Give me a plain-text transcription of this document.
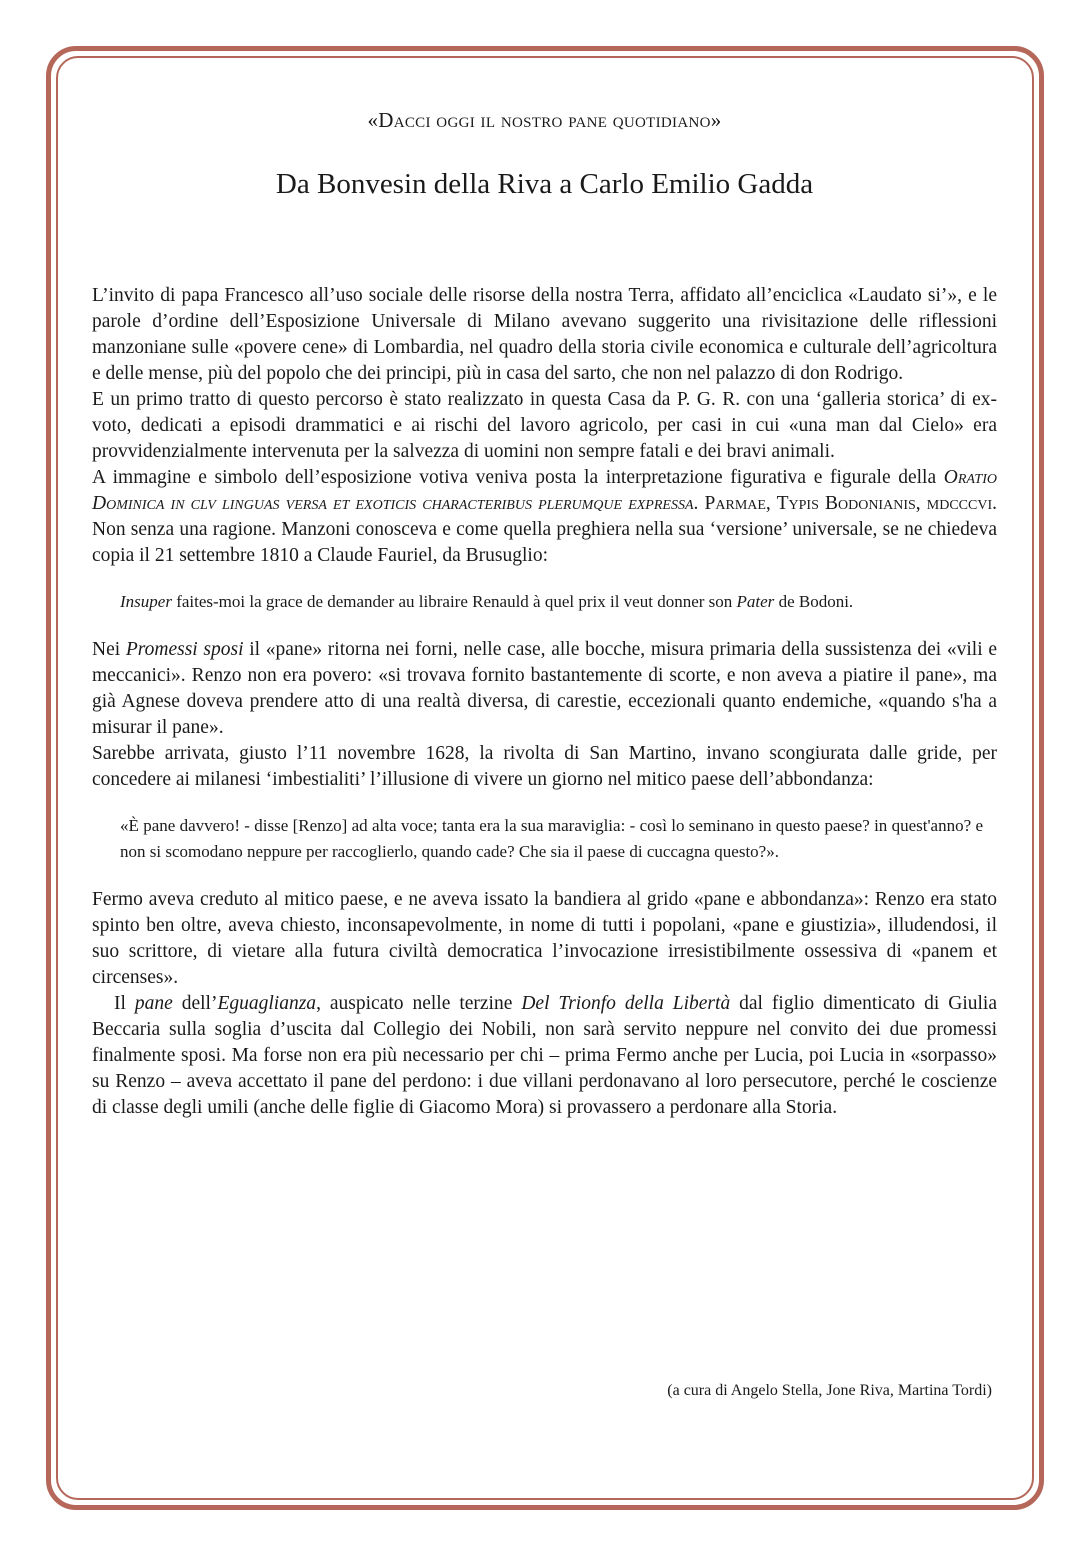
«Dacci oggi il nostro pane quotidiano»

Da Bonvesin della Riva a Carlo Emilio Gadda

L’invito di papa Francesco all’uso sociale delle risorse della nostra Terra, affidato all’enciclica «Laudato si’», e le parole d’ordine dell’Esposizione Universale di Milano avevano suggerito una rivisitazione delle riflessioni manzoniane sulle «povere cene» di Lombardia, nel quadro della storia civile economica e culturale dell’agricoltura e delle mense, più del popolo che dei principi, più in casa del sarto, che non nel palazzo di don Rodrigo.

E un primo tratto di questo percorso è stato realizzato in questa Casa da P. G. R. con una ‘galleria storica’ di ex-voto, dedicati a episodi drammatici e ai rischi del lavoro agricolo, per casi in cui «una man dal Cielo» era provvidenzialmente intervenuta per la salvezza di uomini non sempre fatali e dei bravi animali.

A immagine e simbolo dell’esposizione votiva veniva posta la interpretazione figurativa e figurale della Oratio Dominica in clv linguas versa et exoticis characteribus plerumque expressa. Parmae, Typis Bodonianis, mdcccvi. Non senza una ragione. Manzoni conosceva e come quella preghiera nella sua ‘versione’ universale, se ne chiedeva copia il 21 settembre 1810 a Claude Fauriel, da Brusuglio:

Insuper faites-moi la grace de demander au libraire Renauld à quel prix il veut donner son Pater de Bodoni.

Nei Promessi sposi il «pane» ritorna nei forni, nelle case, alle bocche, misura primaria della sussistenza dei «vili e meccanici». Renzo non era povero: «si trovava fornito bastantemente di scorte, e non aveva a piatire il pane», ma già Agnese doveva prendere atto di una realtà diversa, di carestie, eccezionali quanto endemiche, «quando s'ha a misurar il pane».

Sarebbe arrivata, giusto l’11 novembre 1628, la rivolta di San Martino, invano scongiurata dalle gride, per concedere ai milanesi ‘imbestialiti’ l’illusione di vivere un giorno nel mitico paese dell’abbondanza:

«È pane davvero! - disse [Renzo] ad alta voce; tanta era la sua maraviglia: - così lo seminano in questo paese? in quest'anno? e non si scomodano neppure per raccoglierlo, quando cade? Che sia il paese di cuccagna questo?».

Fermo aveva creduto al mitico paese, e ne aveva issato la bandiera al grido «pane e abbondanza»: Renzo era stato spinto ben oltre, aveva chiesto, inconsapevolmente, in nome di tutti i popolani, «pane e giustizia», illudendosi, il suo scrittore, di vietare alla futura civiltà democratica l’invocazione irresistibilmente ossessiva di «panem et circenses».

Il pane dell’Eguaglianza, auspicato nelle terzine Del Trionfo della Libertà dal figlio dimenticato di Giulia Beccaria sulla soglia d’uscita dal Collegio dei Nobili, non sarà servito neppure nel convito dei due promessi finalmente sposi. Ma forse non era più necessario per chi – prima Fermo anche per Lucia, poi Lucia in «sorpasso» su Renzo – aveva accettato il pane del perdono: i due villani perdonavano al loro persecutore, perché le coscienze di classe degli umili (anche delle figlie di Giacomo Mora) si provassero a perdonare alla Storia.

(a cura di Angelo Stella, Jone Riva, Martina Tordi)
